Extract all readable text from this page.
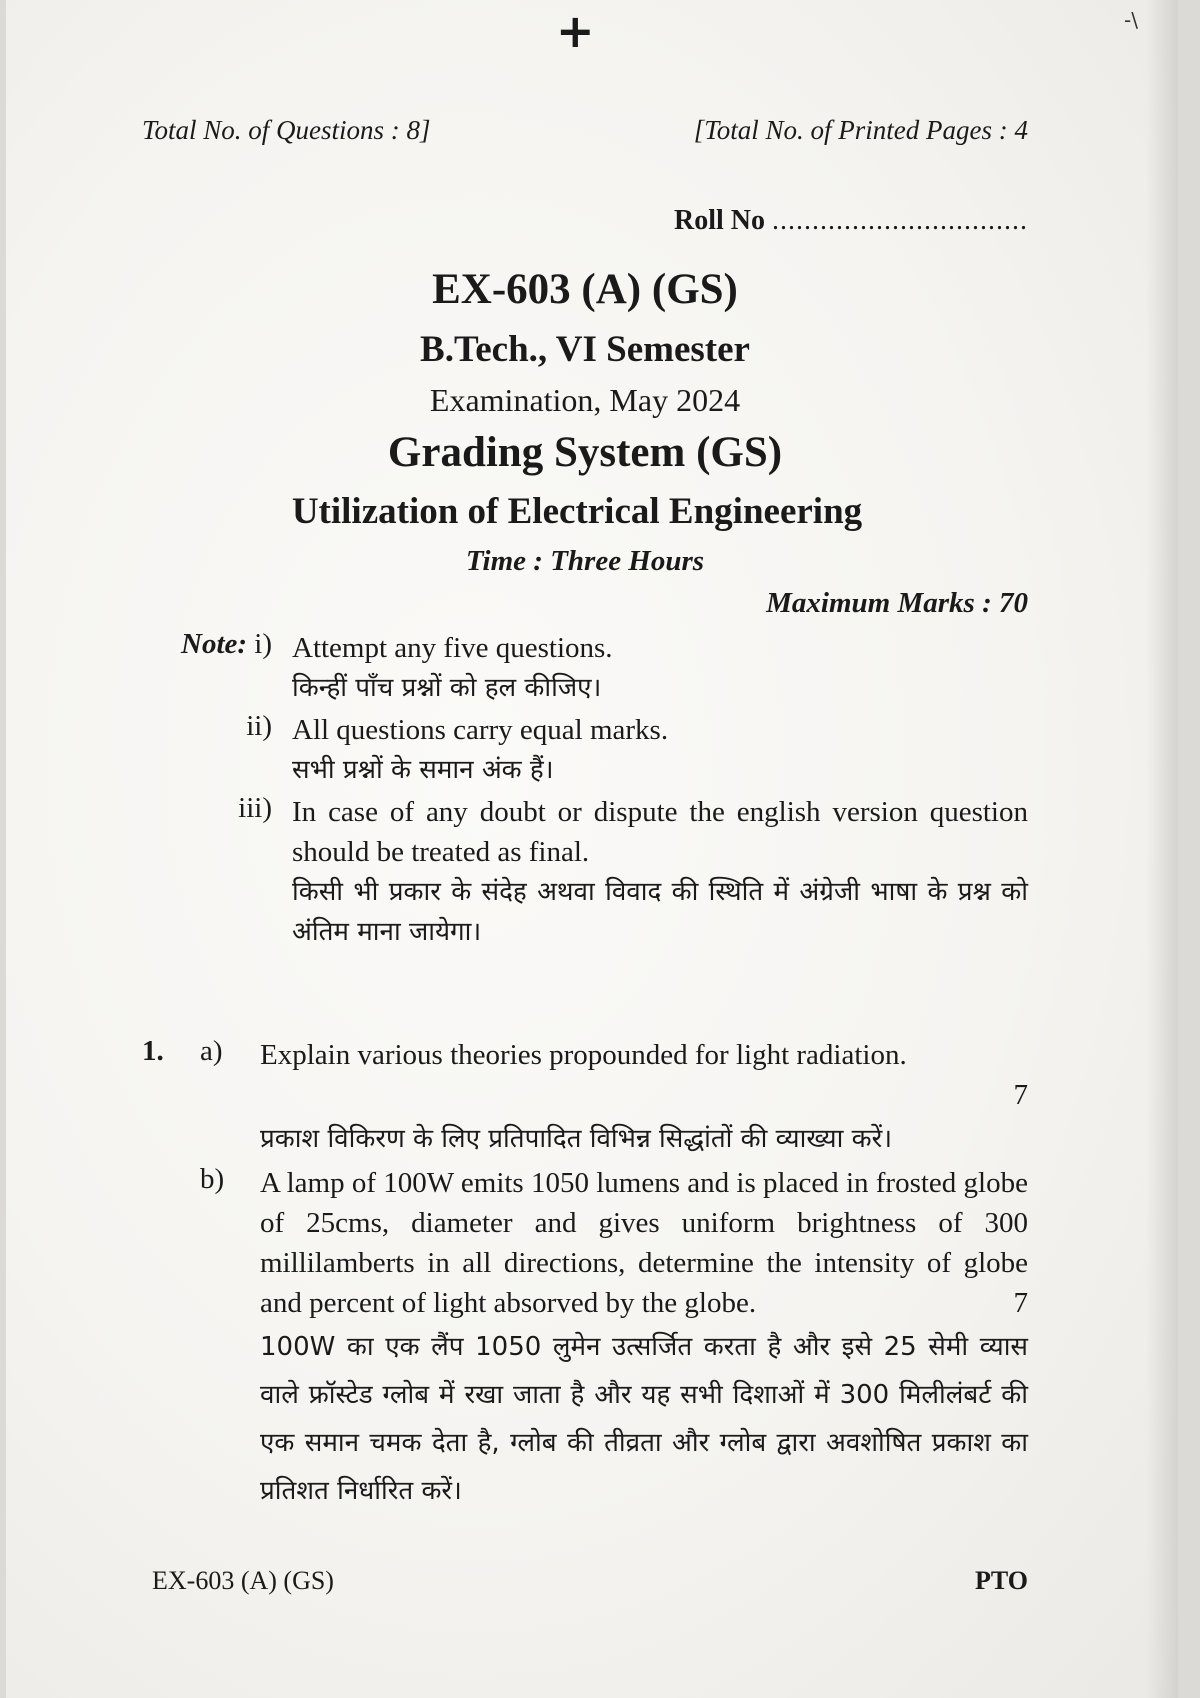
+	-\
Total No. of Questions : 8]	[Total No. of Printed Pages : 4
Roll No ................................
EX-603 (A) (GS)
B.Tech., VI Semester
Examination, May 2024
Grading System (GS)
Utilization of Electrical Engineering
Time : Three Hours
Maximum Marks : 70
Note: i) Attempt any five questions.

किन्हीं पाँच प्रश्नों को हल कीजिए।

ii) All questions carry equal marks.

सभी प्रश्नों के समान अंक हैं।

iii) In case of any doubt or dispute the english version question should be treated as final.

किसी भी प्रकार के संदेह अथवा विवाद की स्थिति में अंग्रेजी भाषा के प्रश्न को अंतिम माना जायेगा।

1.	a)	Explain various theories propounded for light radiation.

7

प्रकाश विकिरण के लिए प्रतिपादित विभिन्न सिद्धांतों की व्याख्या करें।

b)	A lamp of 100W emits 1050 lumens and is placed in frosted globe of 25cms, diameter and gives uniform brightness of 300 millilamberts in all directions, determine the intensity of globe and percent of light absorved by the globe.	7

100W का एक लैंप 1050 लुमेन उत्सर्जित करता है और इसे 25 सेमी व्यास वाले फ्रॉस्टेड ग्लोब में रखा जाता है और यह सभी दिशाओं में 300 मिलीलंबर्ट की एक समान चमक देता है, ग्लोब की तीव्रता और ग्लोब द्वारा अवशोषित प्रकाश का प्रतिशत निर्धारित करें।

EX-603 (A) (GS)	PTO
